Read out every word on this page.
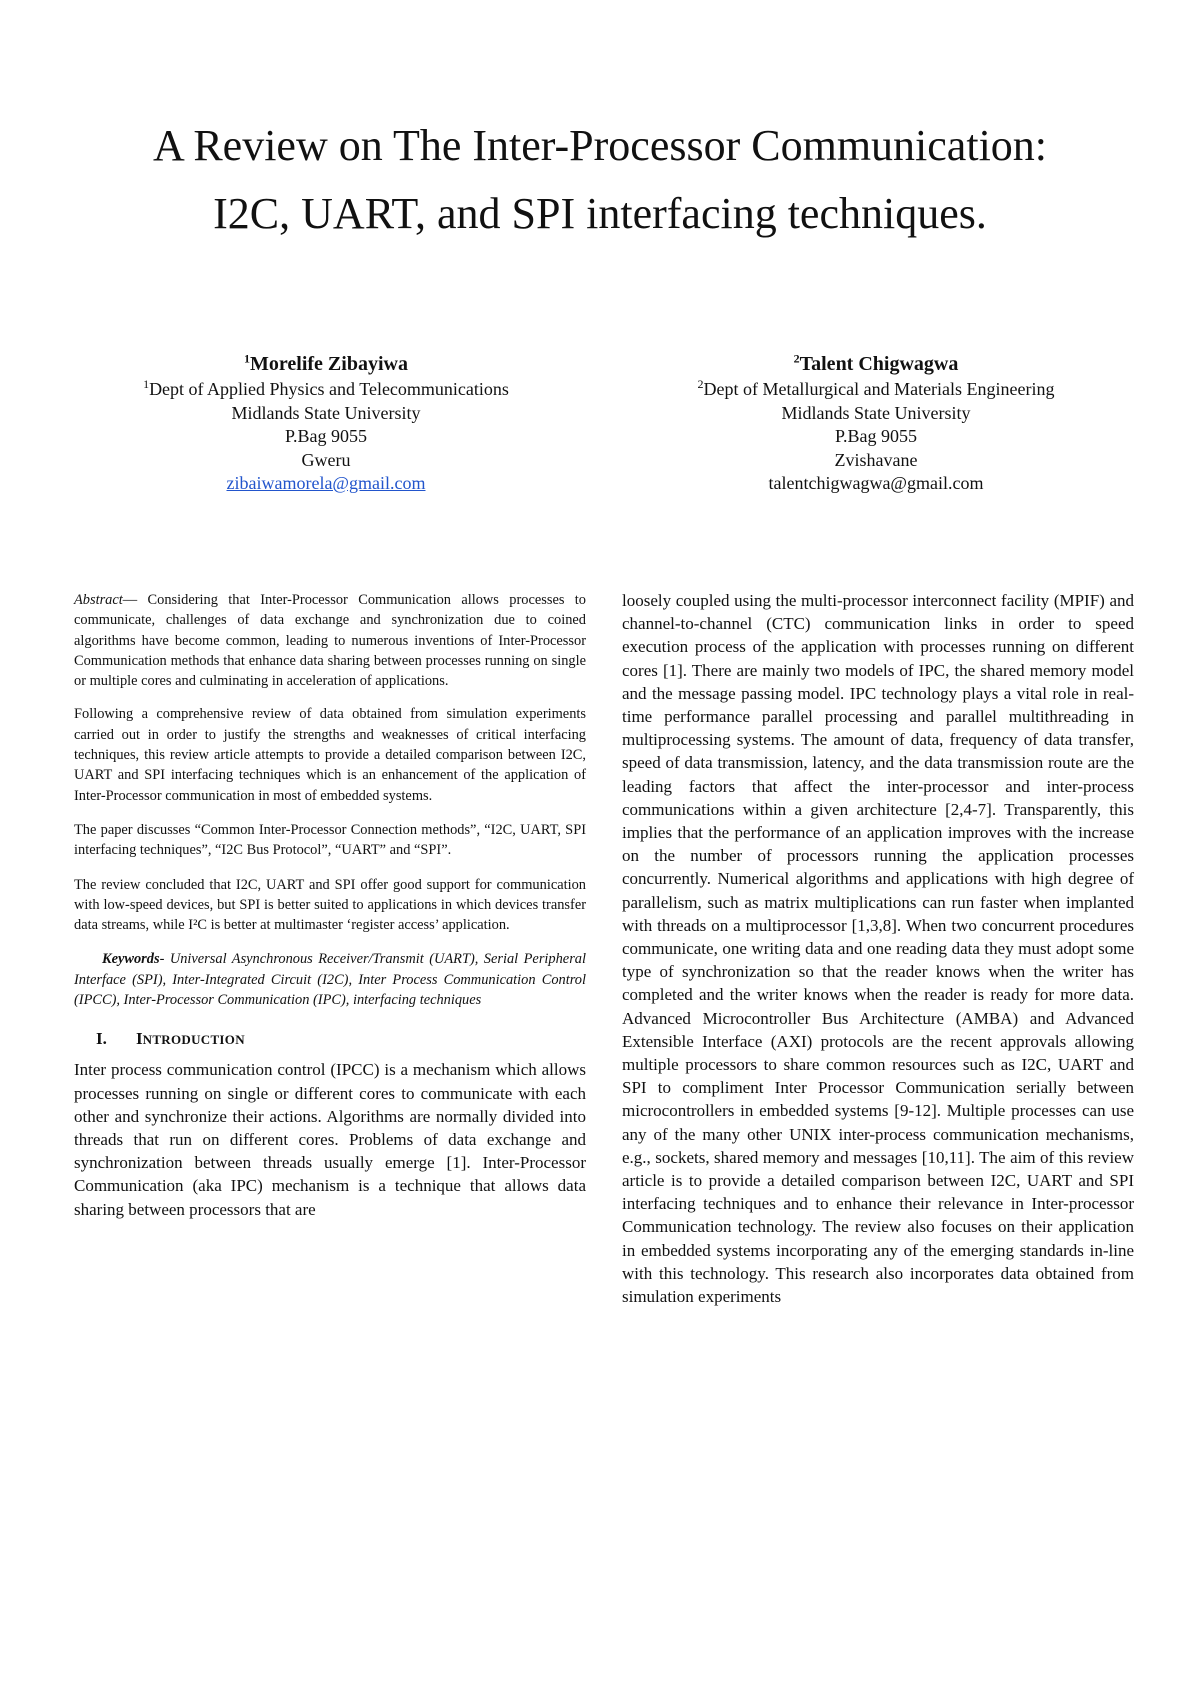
A Review on The Inter-Processor Communication:
I2C, UART, and SPI interfacing techniques.
$^1$Morelife Zibayiwa
$^1$Dept of Applied Physics and Telecommunications
Midlands State University
P.Bag 9055
Gweru
zibaiwamorela@gmail.com
$^2$Talent Chigwagwa
$^2$Dept of Metallurgical and Materials Engineering
Midlands State University
P.Bag 9055
Zvishavane
talentchigwagwa@gmail.com

Abstract— Considering that Inter-Processor Communication allows processes to communicate, challenges of data exchange and synchronization due to coined algorithms have become common, leading to numerous inventions of Inter-Processor Communication methods that enhance data sharing between processes running on single or multiple cores and culminating in acceleration of applications.

Following a comprehensive review of data obtained from simulation experiments carried out in order to justify the strengths and weaknesses of critical interfacing techniques, this review article attempts to provide a detailed comparison between I2C, UART and SPI interfacing techniques which is an enhancement of the application of Inter-Processor communication in most of embedded systems.

The paper discusses “Common Inter-Processor Connection methods”, “I2C, UART, SPI interfacing techniques”, “I2C Bus Protocol”, “UART” and “SPI”.

The review concluded that I2C, UART and SPI offer good support for communication with low-speed devices, but SPI is better suited to applications in which devices transfer data streams, while I²C is better at multimaster ‘register access’ application.

Keywords- Universal Asynchronous Receiver/Transmit (UART), Serial Peripheral Interface (SPI), Inter-Integrated Circuit (I2C), Inter Process Communication Control (IPCC), Inter-Processor Communication (IPC), interfacing techniques

I. INTRODUCTION

Inter process communication control (IPCC) is a mechanism which allows processes running on single or different cores to communicate with each other and synchronize their actions. Algorithms are normally divided into threads that run on different cores. Problems of data exchange and synchronization between threads usually emerge [1]. Inter-Processor Communication (aka IPC) mechanism is a technique that allows data sharing between processors that are

loosely coupled using the multi-processor interconnect facility (MPIF) and channel-to-channel (CTC) communication links in order to speed execution process of the application with processes running on different cores [1]. There are mainly two models of IPC, the shared memory model and the message passing model. IPC technology plays a vital role in real-time performance parallel processing and parallel multithreading in multiprocessing systems. The amount of data, frequency of data transfer, speed of data transmission, latency, and the data transmission route are the leading factors that affect the inter-processor and inter-process communications within a given architecture [2,4-7]. Transparently, this implies that the performance of an application improves with the increase on the number of processors running the application processes concurrently. Numerical algorithms and applications with high degree of parallelism, such as matrix multiplications can run faster when implanted with threads on a multiprocessor [1,3,8]. When two concurrent procedures communicate, one writing data and one reading data they must adopt some type of synchronization so that the reader knows when the writer has completed and the writer knows when the reader is ready for more data. Advanced Microcontroller Bus Architecture (AMBA) and Advanced Extensible Interface (AXI) protocols are the recent approvals allowing multiple processors to share common resources such as I2C, UART and SPI to compliment Inter Processor Communication serially between microcontrollers in embedded systems [9-12]. Multiple processes can use any of the many other UNIX inter-process communication mechanisms, e.g., sockets, shared memory and messages [10,11]. The aim of this review article is to provide a detailed comparison between I2C, UART and SPI interfacing techniques and to enhance their relevance in Inter-processor Communication technology. The review also focuses on their application in embedded systems incorporating any of the emerging standards in-line with this technology. This research also incorporates data obtained from simulation experiments
